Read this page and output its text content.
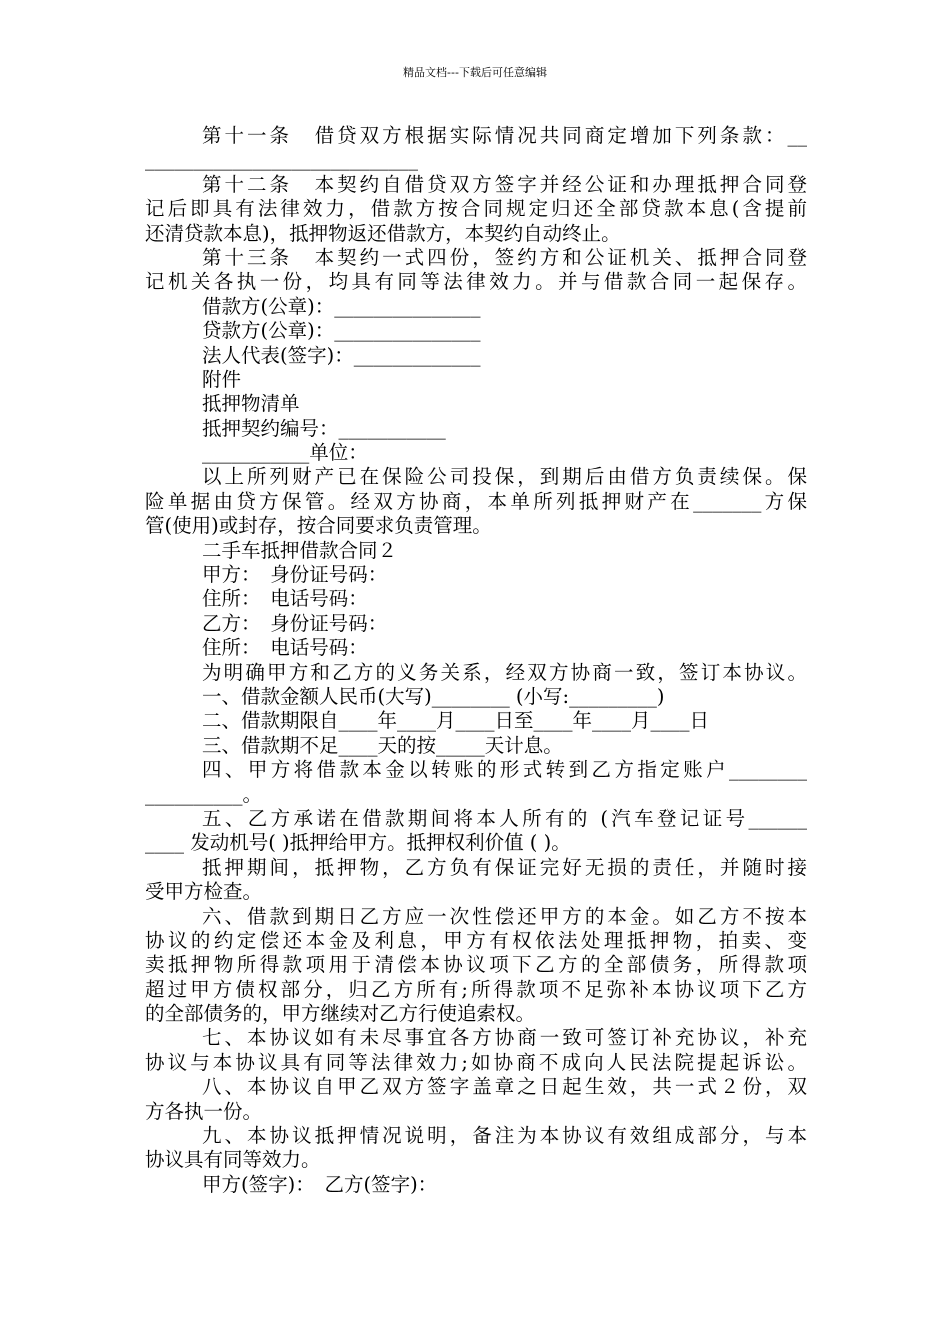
精品文档---下载后可任意编辑
第十一条　借贷双方根据实际情况共同商定增加下列条款：__
____________________________
第十二条　本契约自借贷双方签字并经公证和办理抵押合同登
记后即具有法律效力，借款方按合同规定归还全部贷款本息(含提前
还清贷款本息)，抵押物返还借款方，本契约自动终止。
第十三条　本契约一式四份，签约方和公证机关、抵押合同登
记机关各执一份，均具有同等法律效力。并与借款合同一起保存。
借款方(公章)：_______________
贷款方(公章)：_______________
法人代表(签字)：_____________
附件
抵押物清单
抵押契约编号：___________
___________单位：
以上所列财产已在保险公司投保，到期后由借方负责续保。保
险单据由贷方保管。经双方协商，本单所列抵押财产在_______方保
管(使用)或封存，按合同要求负责管理。
二手车抵押借款合同２
甲方：　身份证号码：
住所：　电话号码：
乙方：　身份证号码：
住所：　电话号码：
为明确甲方和乙方的义务关系，经双方协商一致，签订本协议。
一、借款金额人民币(大写)________ (小写:_________)
二、借款期限自____年____月____日至____年____月____日
三、借款期不足____天的按_____天计息。
四、甲方将借款本金以转账的形式转到乙方指定账户________
__________。
五、乙方承诺在借款期间将本人所有的 (汽车登记证号______
____ 发动机号( )抵押给甲方。抵押权利价值 ( )。
抵押期间，抵押物，乙方负有保证完好无损的责任，并随时接
受甲方检查。
六、借款到期日乙方应一次性偿还甲方的本金。如乙方不按本
协议的约定偿还本金及利息，甲方有权依法处理抵押物，拍卖、变
卖抵押物所得款项用于清偿本协议项下乙方的全部债务，所得款项
超过甲方债权部分，归乙方所有;所得款项不足弥补本协议项下乙方
的全部债务的，甲方继续对乙方行使追索权。
七、本协议如有未尽事宜各方协商一致可签订补充协议，补充
协议与本协议具有同等法律效力;如协商不成向人民法院提起诉讼。
八、本协议自甲乙双方签字盖章之日起生效，共一式２份，双
方各执一份。
九、本协议抵押情况说明，备注为本协议有效组成部分，与本
协议具有同等效力。
甲方(签字)：　乙方(签字)：
